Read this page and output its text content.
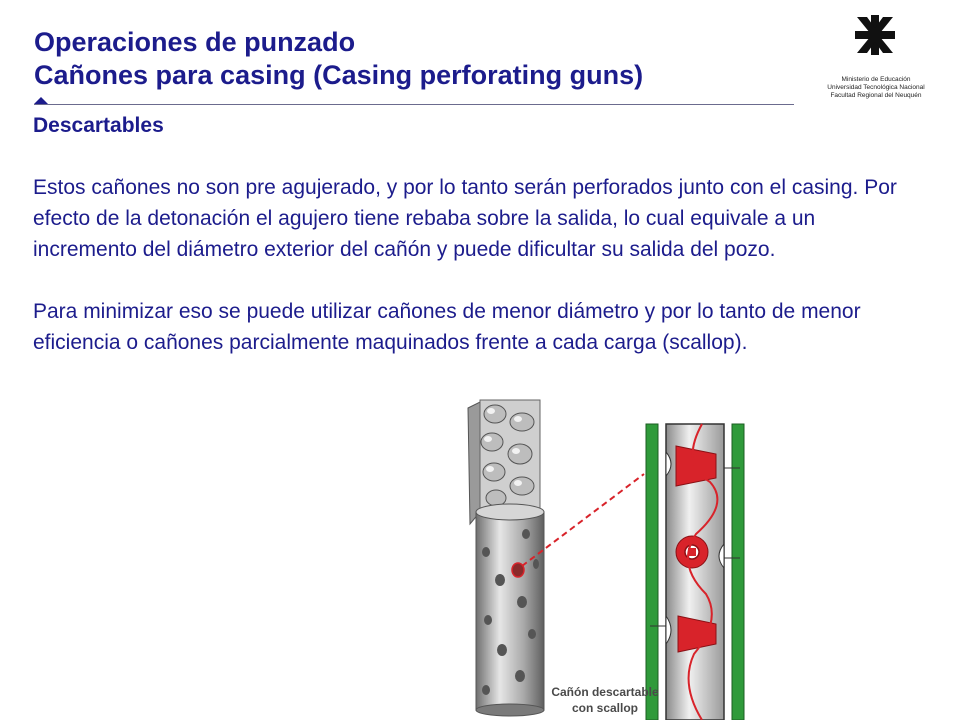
Operaciones de punzado
Cañones para casing (Casing perforating guns)	Ministerio de Educación
Universidad Tecnológica Nacional
Facultad Regional del Neuquén

Descartables

Estos cañones no son pre agujerado, y por lo tanto serán perforados junto con el casing. Por efecto de la detonación el agujero tiene rebaba sobre la salida, lo cual equivale a un incremento del diámetro exterior del cañón y puede dificultar su salida del pozo.

Para minimizar eso se puede utilizar cañones de menor diámetro y por lo tanto de menor eficiencia o cañones parcialmente maquinados frente a cada carga (scallop).

Cañón descartable
con scallop
